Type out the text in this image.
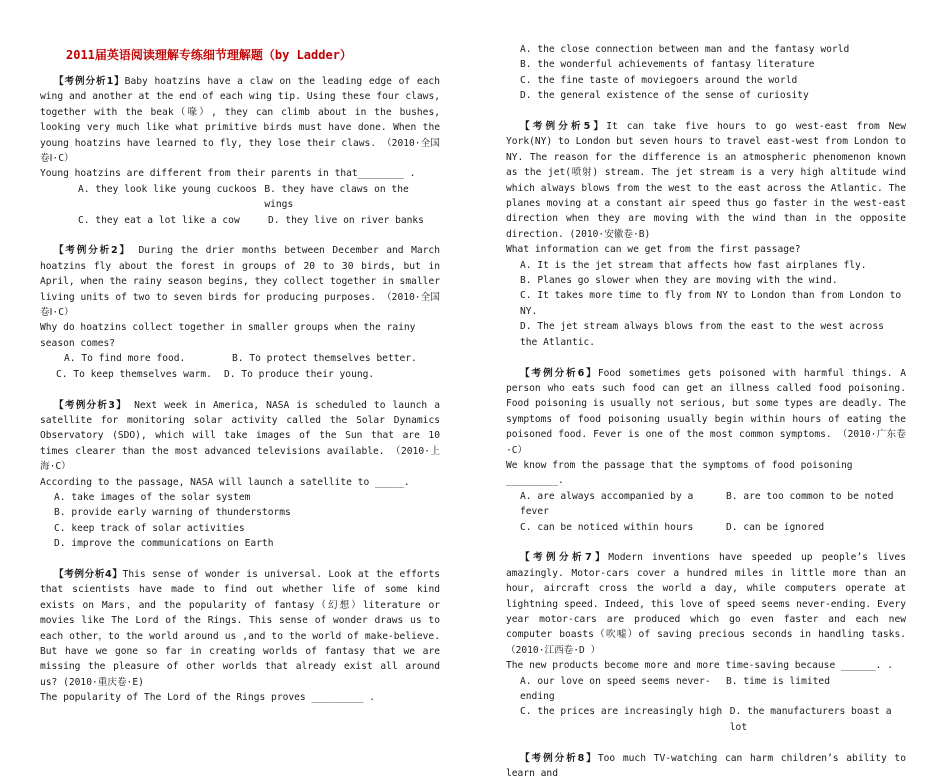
2011届英语阅读理解专练细节理解题（by Ladder）

【考例分析1】Baby hoatzins have a claw on the leading edge of each wing and another at the end of each wing tip. Using these four claws, together with the beak（喙）, they can climb about in the bushes, looking very much like what primitive birds must have done. When the young hoatzins have learned to fly, they lose their claws. （2010·全国卷Ⅰ·C）

Young hoatzins are different from their parents in that________ .

A. they look like young cuckoos B. they have claws on the wings
C. they eat a lot like a cow	D. they live on river banks

【考例分析2】 During the drier months between December and March hoatzins fly about the forest in groups of 20 to 30 birds, but in April, when the rainy season begins, they collect together in smaller living units of two to seven birds for producing purposes. （2010·全国卷Ⅰ·C）

Why do hoatzins collect together in smaller groups when the rainy season comes?

A. To find more food.	B. To protect themselves better.
C. To keep themselves warm.	D. To produce their young.

【考例分析3】 Next week in America, NASA is scheduled to launch a satellite for monitoring solar activity called the Solar Dynamics Observatory (SDO), which will take images of the Sun that are 10 times clearer than the most advanced televisions available. （2010·上海·C）

According to the passage, NASA will launch a satellite to _____.

A. take images of the solar system

B. provide early warning of thunderstorms

C. keep track of solar activities

D. improve the communications on Earth

【考例分析4】This sense of wonder is universal. Look at the efforts that scientists have made to find out whether life of some kind exists on Mars，and the popularity of fantasy（幻想）literature or movies like The Lord of the Rings. This sense of wonder draws us to each other，to the world around us ,and to the world of make-believe. But have we gone so far in creating worlds of fantasy that we are missing the pleasure of other worlds that already exist all around us? (2010·重庆卷·E)

The popularity of The Lord of the Rings proves _________ .

A. the close connection between man and the fantasy world

B. the wonderful achievements of fantasy literature

C. the fine taste of moviegoers around the world

D. the general existence of the sense of curiosity

【考例分析5】It can take five hours to go west-east from New York(NY) to London but seven hours to travel east-west from London to NY. The reason for the difference is an atmospheric phenomenon known as the jet(喷射) stream. The jet stream is a very high altitude wind which always blows from the west to the east across the Atlantic. The planes moving at a constant air speed thus go faster in the west-east direction when they are moving with the wind than in the opposite direction. (2010·安徽卷·B)

What information can we get from the first passage?

A. It is the jet stream that affects how fast airplanes fly.

B. Planes go slower when they are moving with the wind.

C. It takes more time to fly from NY to London than from London to NY.

D. The jet stream always blows from the east to the west across the Atlantic.

【考例分析6】Food sometimes gets poisoned with harmful things. A person who eats such food can get an illness called food poisoning. Food poisoning is usually not serious, but some types are deadly. The symptoms of food poisoning usually begin within hours of eating the poisoned food. Fever is one of the most common symptoms. （2010·广东卷·C）

We know from the passage that the symptoms of food poisoning _________.

A. are always accompanied by a fever
B. are too common to be noted
C. can be noticed within hours	D. can be ignored

【考例分析7】Modern inventions have speeded up people’s lives amazingly. Motor-cars cover a hundred miles in little more than an hour, aircraft cross the world a day, while computers operate at lightning speed. Indeed, this love of speed seems never-ending. Every year motor-cars are produced which go even faster and each new computer boasts（吹嘘）of saving precious seconds in handling tasks. （2010·江西卷·D ）

The new products become more and more time-saving because ______. .

A. our love on speed seems never-ending
B. time is limited
C. the prices are increasingly high D. the manufacturers boast a lot

【考例分析8】Too much TV-watching can harm children’s ability to learn and
